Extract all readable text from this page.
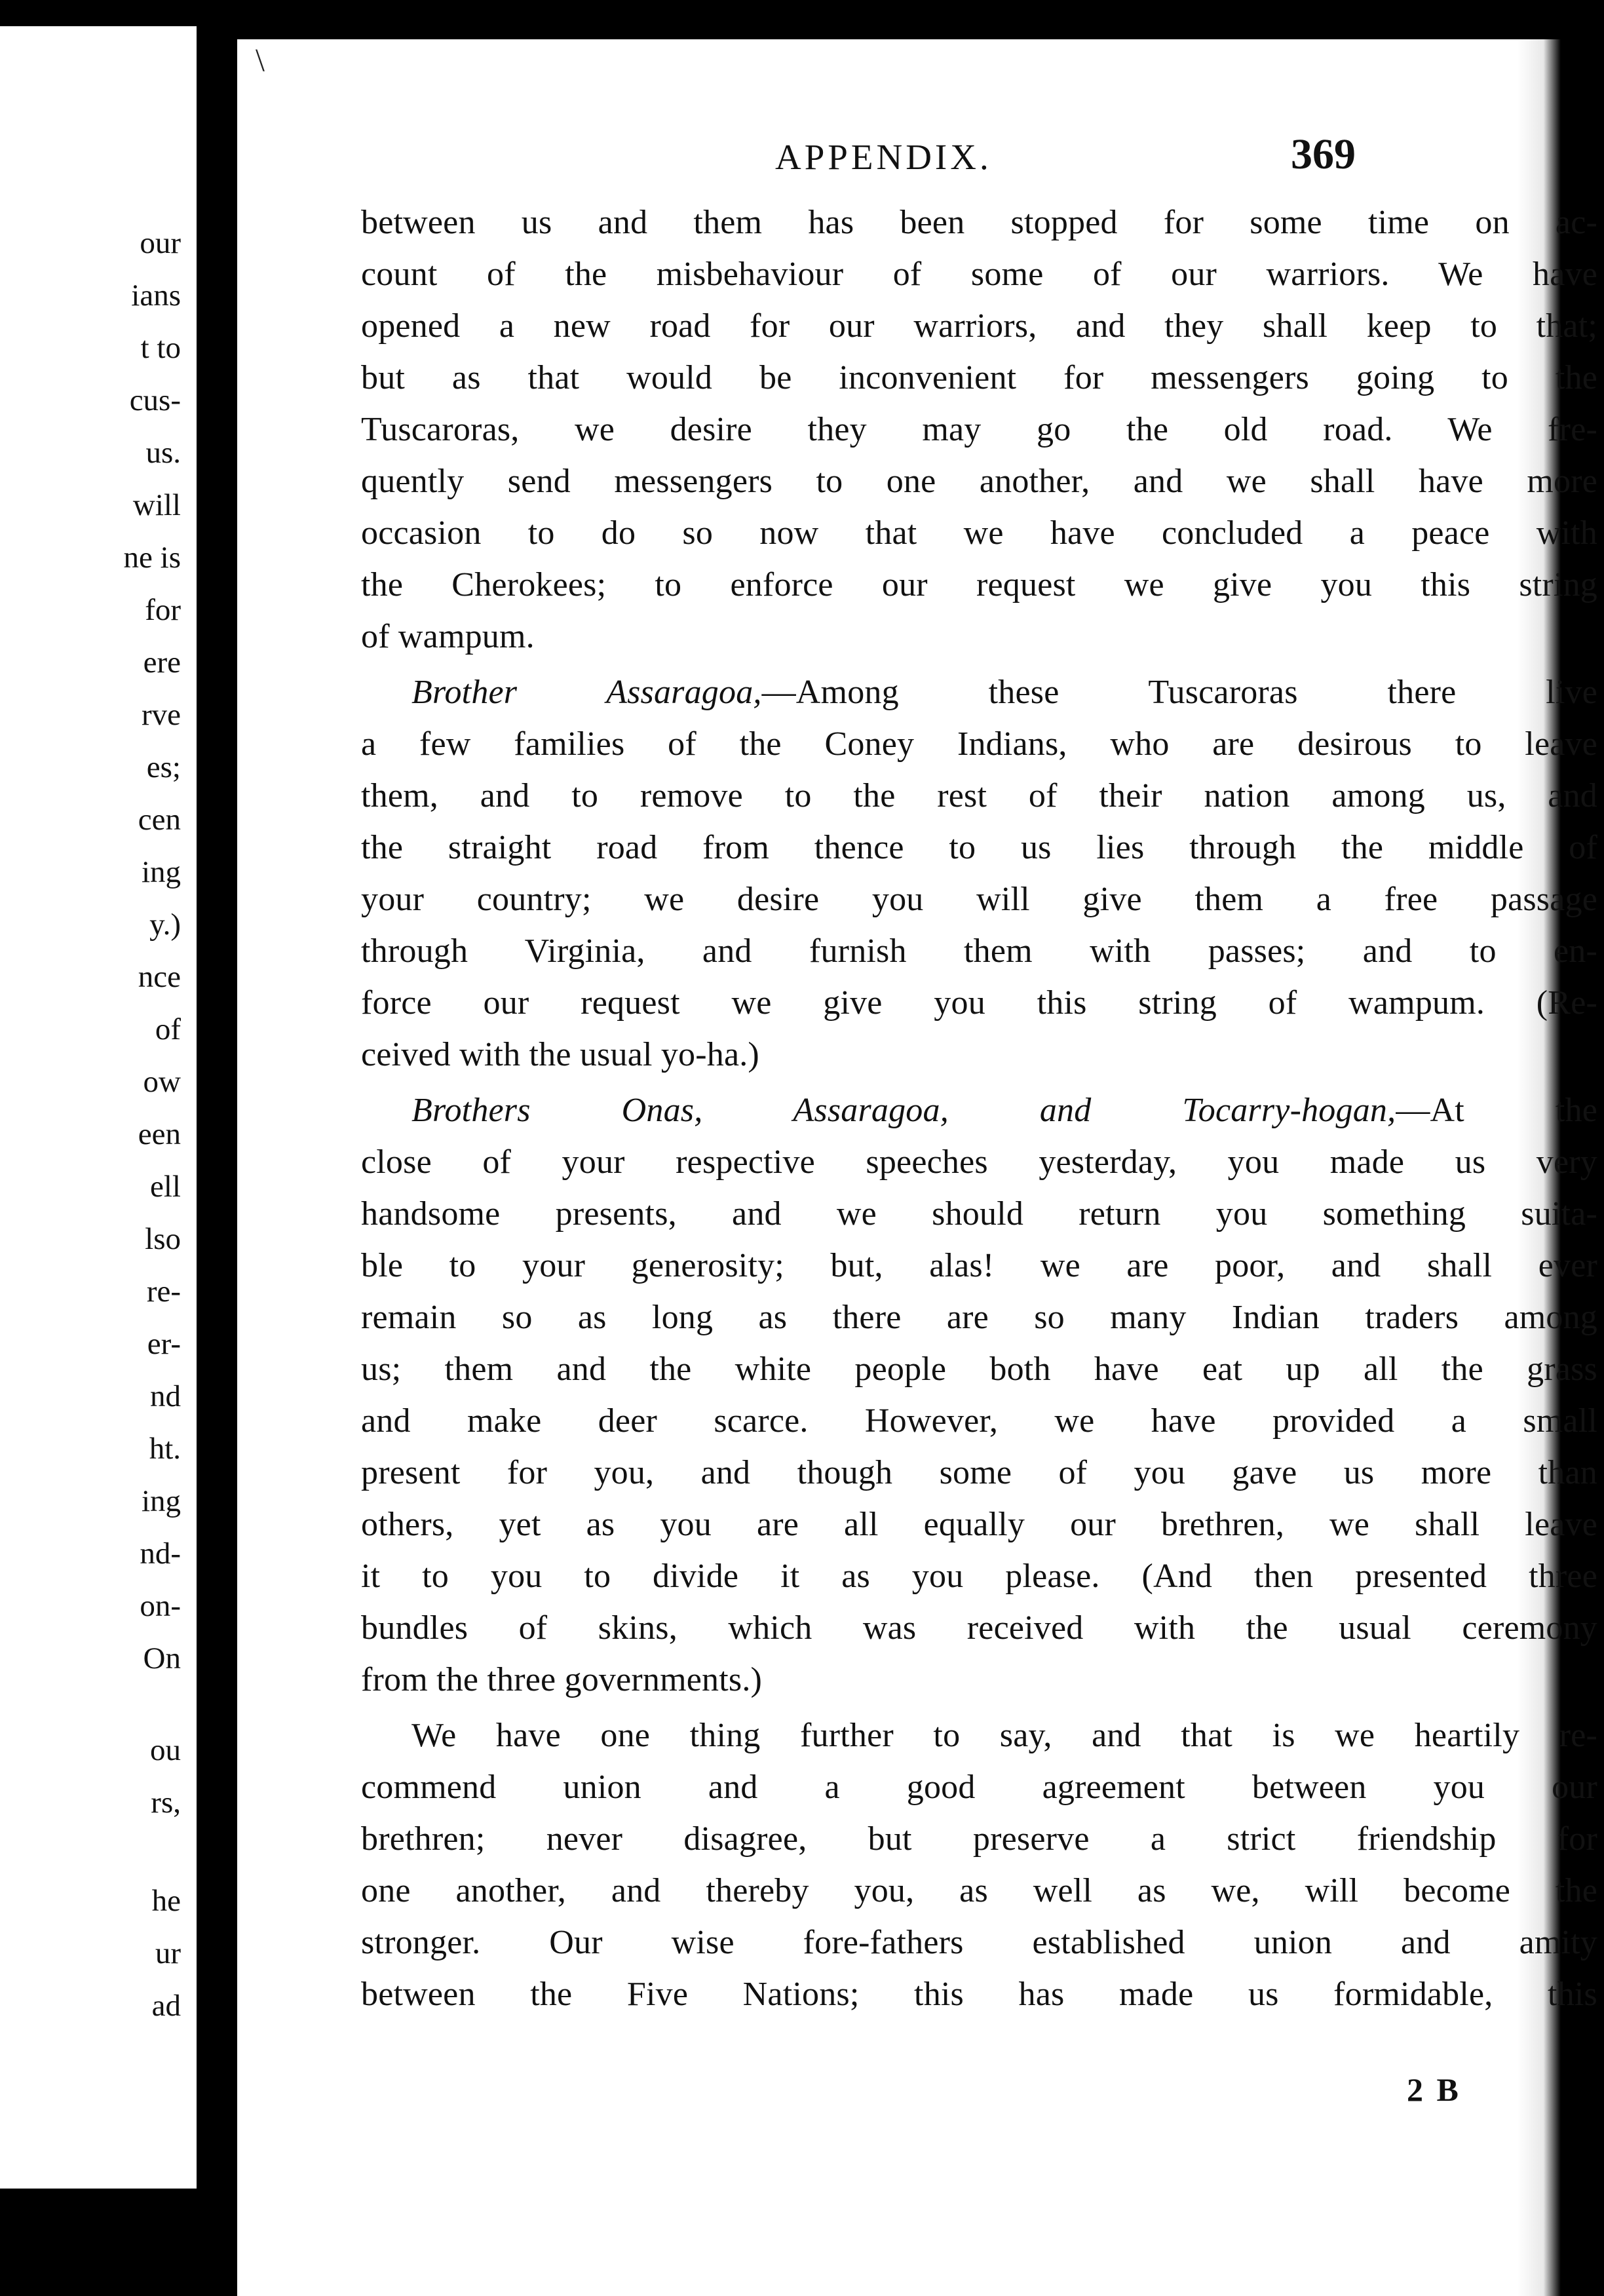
our
ians
t to
cus-
us.
will
ne is
for
ere
rve
es;
cen
ing
y.)
nce
of
ow
een
ell
lso
re-
er-
nd
ht.
ing
nd-
on-
On
ou
rs,
he
ur
ad
\
APPENDIX.	369
between us and them has been stopped for some time on ac-
count of the misbehaviour of some of our warriors. We have
opened a new road for our warriors, and they shall keep to that;
but as that would be inconvenient for messengers going to the
Tuscaroras, we desire they may go the old road. We fre-
quently send messengers to one another, and we shall have more
occasion to do so now that we have concluded a peace with
the Cherokees; to enforce our request we give you this string
of wampum.
Brother Assaragoa,—Among these Tuscaroras there live
a few families of the Coney Indians, who are desirous to leave
them, and to remove to the rest of their nation among us, and
the straight road from thence to us lies through the middle of
your country; we desire you will give them a free passage
through Virginia, and furnish them with passes; and to en-
force our request we give you this string of wampum. (Re-
ceived with the usual yo-ha.)
Brothers Onas, Assaragoa, and Tocarry-hogan,—At the
close of your respective speeches yesterday, you made us very
handsome presents, and we should return you something suita-
ble to your generosity; but, alas! we are poor, and shall ever
remain so as long as there are so many Indian traders among
us; them and the white people both have eat up all the grass
and make deer scarce. However, we have provided a small
present for you, and though some of you gave us more than
others, yet as you are all equally our brethren, we shall leave
it to you to divide it as you please. (And then presented three
bundles of skins, which was received with the usual ceremony
from the three governments.)
We have one thing further to say, and that is we heartily re-
commend union and a good agreement between you our
brethren; never disagree, but preserve a strict friendship for
one another, and thereby you, as well as we, will become the
stronger. Our wise fore-fathers established union and amity
between the Five Nations; this has made us formidable, this
2 B
